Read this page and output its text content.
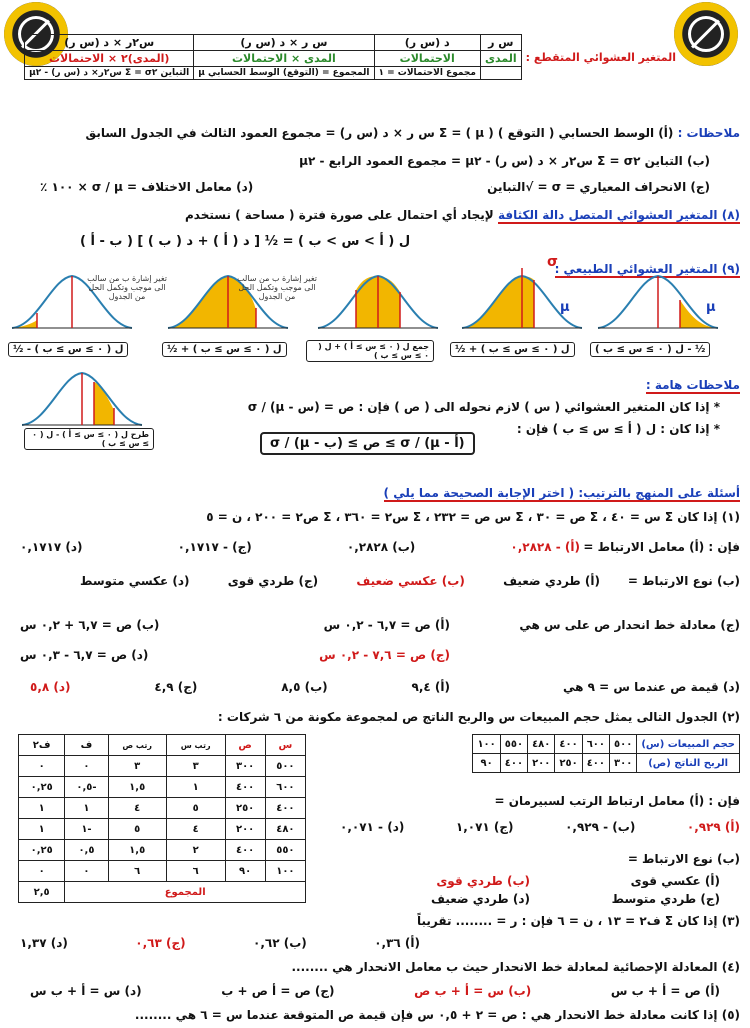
المتغير العشوائي المتقطع :	س ر	د (س ر)	س ر × د (س ر)	س٢ر × د (س ر)
	المدى	الاحتمالات	المدى × الاحتمالات	(المدى)٢ × الاحتمالات
		مجموع الاحتمالات = ١	المجموع = (التوقع) الوسط الحسابي μ	التباين σ٢ = Σ س٢ر× د (س ر) - μ٢
ملاحظات : (أ) الوسط الحسابي ( التوقع ) ( μ ) = Σ س ر × د (س ر) = مجموع العمود الثالث في الجدول السابق
(ب) التباين σ٢ = Σ س٢ر × د (س ر) - μ٢ = مجموع العمود الرابع - μ٢
(ج) الانحراف المعياري = σ = √التباين
(د) معامل الاختلاف = σ / μ × ١٠٠ ٪
(٨) المتغير العشوائي المتصل دالة الكثافة لإيجاد أي احتمال على صورة فترة ( مساحة ) نستخدم
ل ( أ > س > ب ) = ½ [ د ( أ ) + د ( ب ) ] ( ب - أ )
(٩) المتغير العشوائي الطبيعي :
σ
μ	μ
تغير إشارة ب من سالب الى موجب وتكمل الحل من الجدول
تغير إشارة ب من سالب الى موجب وتكمل الحل من الجدول
ل ( ٠ ≥ س ≥ ب ) - ½	ل ( ٠ ≥ س ≥ ب ) + ½	جمع ل ( ٠ ≥ س ≥ أ ) + ل ( ٠ ≥ س ≥ ب )
ل ( ٠ ≥ س ≥ ب ) + ½	½ - ل ( ٠ ≥ س ≥ ب )
طرح ل ( ٠ ≥ س ≥ أ ) - ل ( ٠ ≥ س ≥ ب )
ملاحظات هامة :
* إذا كان المتغير العشوائي ( س ) لازم نحوله الى ( ص ) فإن : ص = (س - μ) / σ
* إذا كان : ل ( أ ≥ س ≥ ب ) فإن :
(أ - μ) / σ ≥ ص ≥ (ب - μ) / σ
أسئلة على المنهج بالترتيب: ( اختر الإجابة الصحيحة مما يلي )
(١) إذا كان Σ س = ٤٠ ، Σ ص = ٣٠ ، Σ س ص = ٢٣٢ ، Σ س٢ = ٣٦٠ ، Σ ص٢ = ٢٠٠ ، ن = ٥
فإن : (أ) معامل الارتباط =
(أ) - ٠,٢٨٢٨
(ب) ٠,٢٨٢٨
(ج) - ٠,١٧١٧
(د) ٠,١٧١٧
(ب) نوع الارتباط =
(أ) طردي ضعيف
(ب) عكسي ضعيف
(ج) طردي قوى
(د) عكسي متوسط
(ج) معادلة خط انحدار ص على س هي
(أ) ص = ٦,٧ - ٠,٢ س
(ب) ص = ٦,٧ + ٠,٢ س
(ج) ص = ٧,٦ - ٠,٢ س
(د) ص = ٦,٧ - ٠,٣ س
(د) قيمة ص عندما س = ٩ هي
(أ) ٩,٤
(ب) ٨,٥
(ج) ٤,٩
(د) ٥,٨
(٢) الجدول التالى يمثل حجم المبيعات س والربح الناتج ص لمجموعة مكونة من ٦ شركات :
حجم المبيعات (س)	٥٠٠	٦٠٠	٤٠٠	٤٨٠	٥٥٠	١٠٠
الربح الناتج (ص)	٣٠٠	٤٠٠	٢٥٠	٢٠٠	٤٠٠	٩٠
س	ص	رتب س	رتب ص	ف	ف٢
٥٠٠	٣٠٠	٣	٣	٠	٠
٦٠٠	٤٠٠	١	١,٥	-٠,٥	٠,٢٥
٤٠٠	٢٥٠	٥	٤	١	١
٤٨٠	٢٠٠	٤	٥	-١	١
٥٥٠	٤٠٠	٢	١,٥	٠,٥	٠,٢٥
١٠٠	٩٠	٦	٦	٠	٠
المجموع					٢,٥
فإن : (أ) معامل ارتباط الرتب لسبيرمان =
(أ) ٠,٩٢٩
(ب) - ٠,٩٢٩
(ج) ١,٠٧١
(د) - ٠,٠٧١
(ب) نوع الارتباط =
(أ) عكسي قوى
(ب) طردي قوى
(ج) طردي متوسط
(د) طردي ضعيف
(٣) إذا كان Σ ف٢ = ١٣ ، ن = ٦ فإن : ر = ........ تقريباً
(أ) ٠,٣٦
(ب) ٠,٦٢
(ج) ٠,٦٣
(د) ١,٣٧
(٤) المعادلة الإحصائية لمعادلة خط الانحدار حيث ب معامل الانحدار هي ........
(أ) ص = أ + ب س
(ب) س = أ + ب ص
(ج) ص = أ ص + ب
(د) س = أ + ب س
(٥) إذا كانت معادلة خط الانحدار هي : ص = ٢ + ٠,٥ س فإن قيمة ص المتوقعة عندما س = ٦ هي ........
